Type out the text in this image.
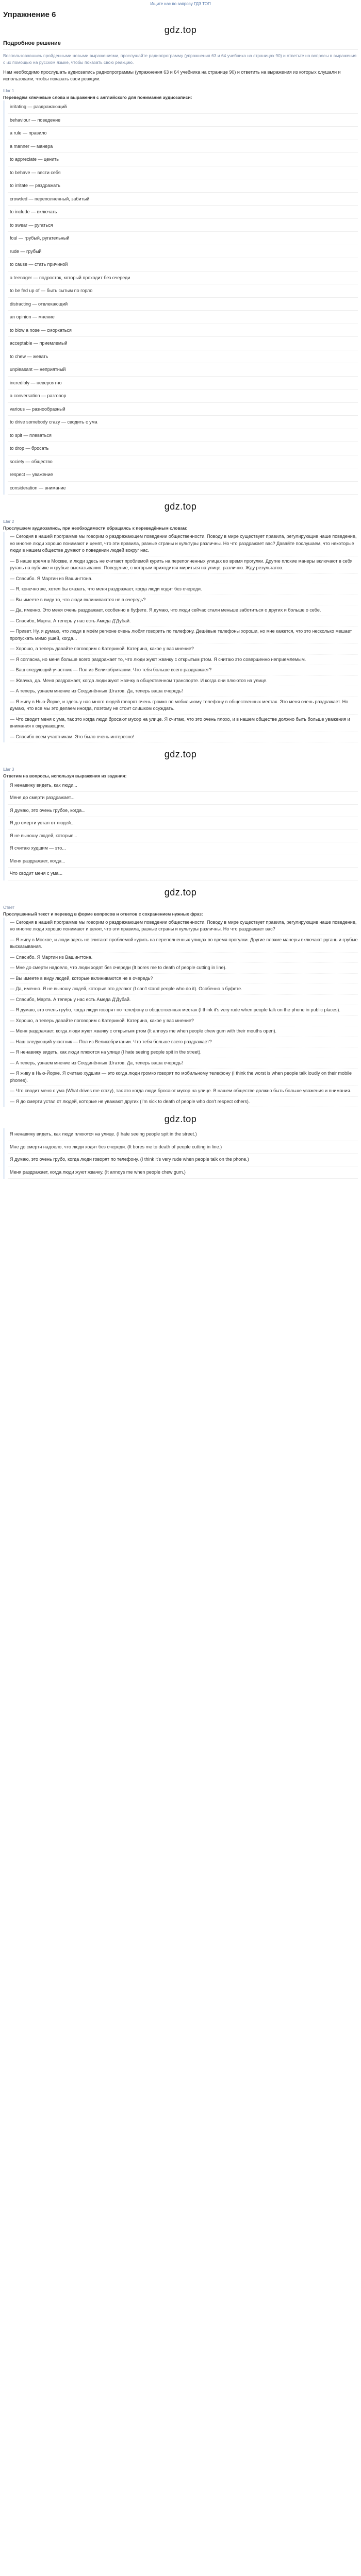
Ищите нас по запросу ГДЗ ТОП
Упражнение 6
gdz.top
Подробное решение
Воспользовавшись пройденными новыми выражениями, прослушайте радиопрограмму (упражнения 63 и 64 учебника на страницах 90) и ответьте на вопросы в выражения с их помощью на русском языке, чтобы показать свою реакцию.

Нам необходимо прослушать аудиозапись радиопрограммы (упражнения 63 и 64 учебника на странице 90) и ответить на выражения из которых слушали и использовали, чтобы показать свои реакции.

Шаг 1
Переведём ключевые слова и выражения с английского для понимания аудиозаписи:
irritating — раздражающий
behaviour — поведение
a rule — правило
a manner — манера
to appreciate — ценить
to behave — вести себя
to irritate — раздражать
crowded — переполненный, забитый
to include — включать
to swear — ругаться
foul — грубый, ругательный
rude — грубый
to cause — стать причиной
a teenager — подросток, который проходит без очереди
to be fed up of — быть сытым по горло
distracting — отвлекающий
an opinion — мнение
to blow a nose — сморкаться
acceptable — приемлемый
to chew — жевать
unpleasant — неприятный
incredibly — невероятно
a conversation — разговор
various — разнообразный
to drive somebody crazy — сводить с ума
to spit — плеваться
to drop — бросать
society — общество
respect — уважение
consideration — внимание
gdz.top
Шаг 2
Прослушаем аудиозапись, при необходимости обращаясь к переведённым словам:
— Сегодня в нашей программе мы говорим о раздражающем поведении общественности. Поводу в мире существует правила, регулирующие наше поведение, но многие люди хорошо понимают и ценят, что эти правила, разные страны и культуры различны. Но что раздражает вас? Давайте послушаем, что некоторые люди в нашем обществе думают о поведении людей вокруг нас.
— В наше время в Москве, и люди здесь не считают проблемой курить на переполненных улицах во время прогулки. Другие плохие манеры включают в себя ругань на публике и грубые высказывания. Поведение, с которым приходится мириться на улице, различно. Жду результатов.
— Спасибо. Я Мартин из Вашингтона.
— Я, конечно же, хотел бы сказать, что меня раздражает, когда люди ходят без очереди.
— Вы имеете в виду то, что люди вклиниваются не в очередь?
— Да, именно. Это меня очень раздражает, особенно в буфете. Я думаю, что люди сейчас стали меньше заботиться о других и больше о себе.
— Спасибо, Марта. А теперь у нас есть Амеда Д'Дубай.
— Привет. Ну, я думаю, что люди в моём регионе очень любят говорить по телефону. Дешёвые телефоны хороши, но мне кажется, что это несколько мешает пропускать мимо ушей, когда...
— Хорошо, а теперь давайте поговорим с Катериной. Катерина, какое у вас мнение?
— Я согласна, но меня больше всего раздражает то, что люди жуют жвачку с открытым ртом. Я считаю это совершенно неприемлемым.
— Ваш следующий участник — Пол из Великобритании. Что тебя больше всего раздражает?
— Жвачка, да. Меня раздражает, когда люди жуют жвачку в общественном транспорте. И когда они плюются на улице.
— А теперь, узнаем мнение из Соединённых Штатов. Да, теперь ваша очередь!
— Я живу в Нью-Йорке, и здесь у нас много людей говорят очень громко по мобильному телефону в общественных местах. Это меня очень раздражает. Но думаю, что все мы это делаем иногда, поэтому не стоит слишком осуждать.
— Что сводит меня с ума, так это когда люди бросают мусор на улице. Я считаю, что это очень плохо, и в нашем обществе должно быть больше уважения и внимания к окружающим.
— Спасибо всем участникам. Это было очень интересно!
gdz.top
Шаг 3
Ответим на вопросы, используя выражения из задания:
Я ненавижу видеть, как люди...
Меня до смерти раздражает...
Я думаю, это очень грубое, когда...
Я до смерти устал от людей...
Я не выношу людей, которые...
Я считаю худшим — это...
Меня раздражает, когда...
Что сводит меня с ума...
gdz.top
Ответ
Прослушанный текст и перевод в форме вопросов и ответов с сохранением нужных фраз:
— Сегодня в нашей программе мы говорим о раздражающем поведении общественности. Поводу в мире существует правила, регулирующие наше поведение, но многие люди хорошо понимают и ценят, что эти правила, разные страны и культуры различны. Но что раздражает вас?
— Я живу в Москве, и люди здесь не считают проблемой курить на переполненных улицах во время прогулки. Другие плохие манеры включают ругань и грубые высказывания.
— Спасибо. Я Мартин из Вашингтона.
— Мне до смерти надоело, что люди ходят без очереди (It bores me to death of people cutting in line).
— Вы имеете в виду людей, которые вклиниваются не в очередь?
— Да, именно. Я не выношу людей, которые это делают (I can't stand people who do it). Особенно в буфете.
— Спасибо, Марта. А теперь у нас есть Амеда Д'Дубай.
— Я думаю, это очень грубо, когда люди говорят по телефону в общественных местах (I think it's very rude when people talk on the phone in public places).
— Хорошо, а теперь давайте поговорим с Катериной. Катерина, какое у вас мнение?
— Меня раздражает, когда люди жуют жвачку с открытым ртом (It annoys me when people chew gum with their mouths open).
— Наш следующий участник — Пол из Великобритании. Что тебя больше всего раздражает?
— Я ненавижу видеть, как люди плюются на улице (I hate seeing people spit in the street).
— А теперь, узнаем мнение из Соединённых Штатов. Да, теперь ваша очередь!
— Я живу в Нью-Йорке. Я считаю худшим — это когда люди громко говорят по мобильному телефону (I think the worst is when people talk loudly on their mobile phones).
— Что сводит меня с ума (What drives me crazy), так это когда люди бросают мусор на улице. В нашем обществе должно быть больше уважения и внимания.
— Я до смерти устал от людей, которые не уважают других (I'm sick to death of people who don't respect others).
gdz.top
Я ненавижу видеть, как люди плюются на улице. (I hate seeing people spit in the street.)
Мне до смерти надоело, что люди ходят без очереди. (It bores me to death of people cutting in line.)
Я думаю, это очень грубо, когда люди говорят по телефону. (I think it's very rude when people talk on the phone.)
Меня раздражает, когда люди жуют жвачку. (It annoys me when people chew gum.)
